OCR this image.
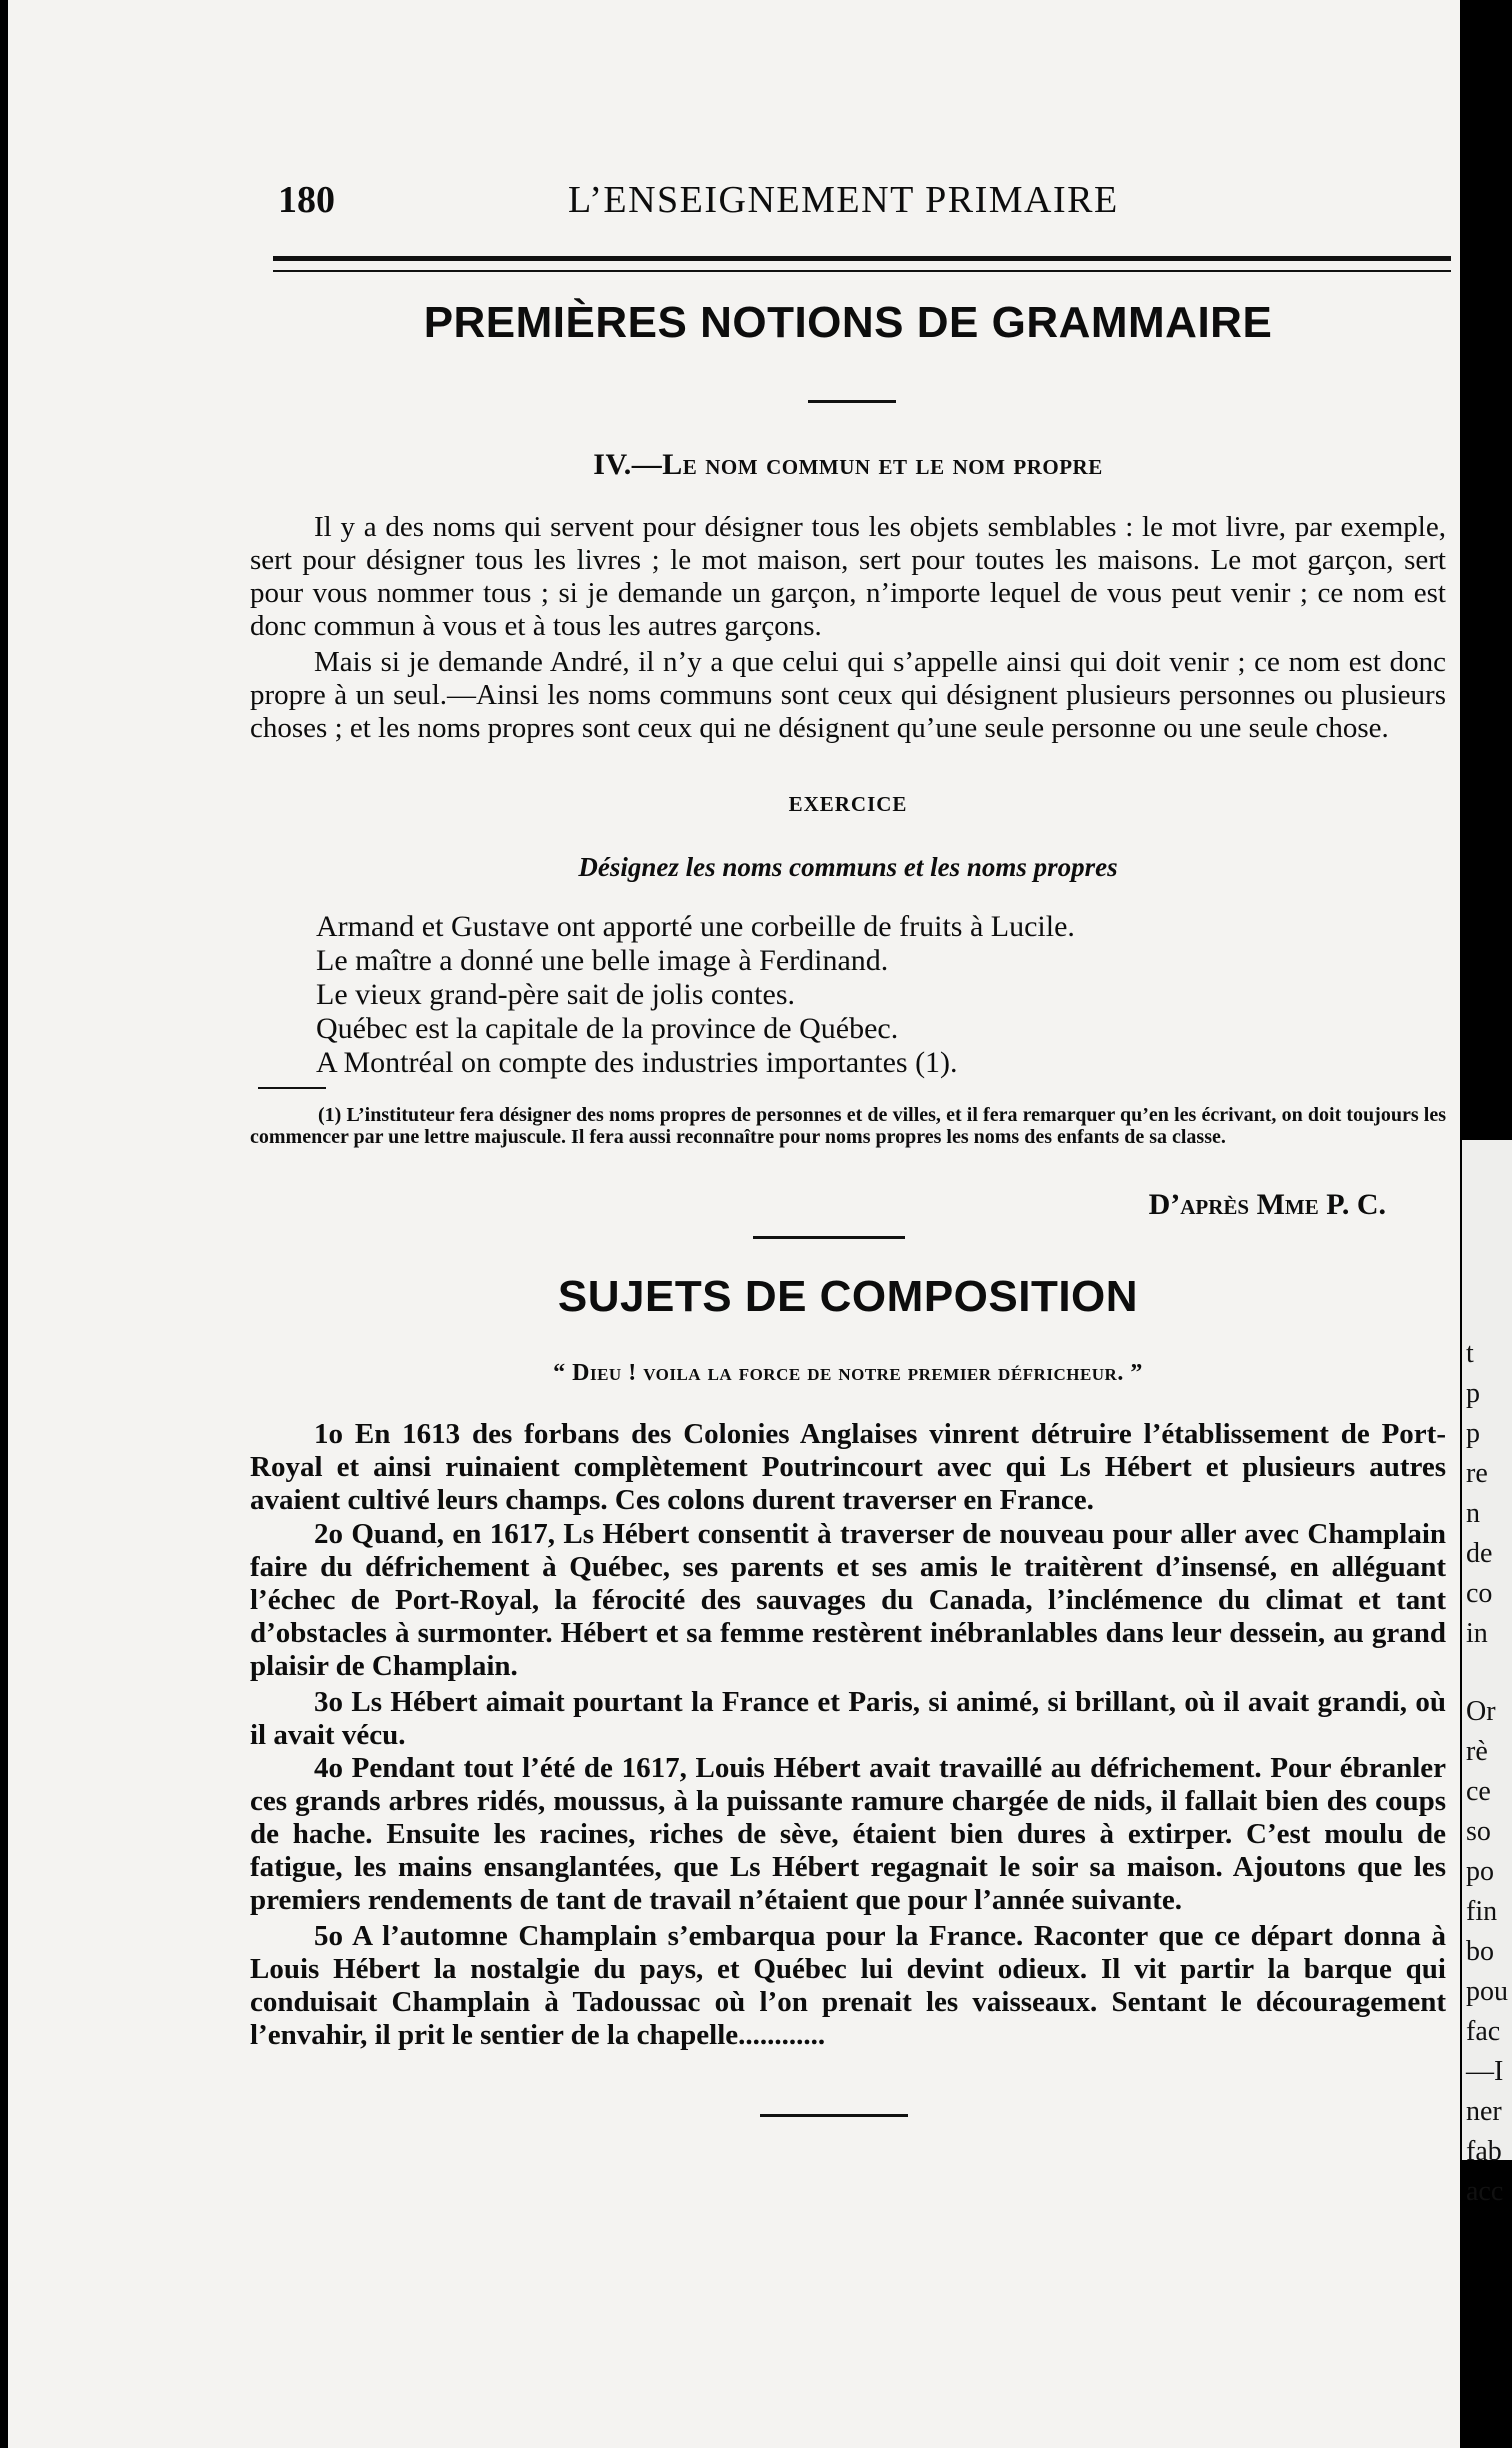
180	L’ENSEIGNEMENT PRIMAIRE
PREMIÈRES NOTIONS DE GRAMMAIRE
IV.—Le nom commun et le nom propre
Il y a des noms qui servent pour désigner tous les objets semblables : le mot livre, par exemple, sert pour désigner tous les livres ; le mot maison, sert pour toutes les maisons. Le mot garçon, sert pour vous nommer tous ; si je demande un garçon, n’importe lequel de vous peut venir ; ce nom est donc commun à vous et à tous les autres garçons.
Mais si je demande André, il n’y a que celui qui s’appelle ainsi qui doit venir ; ce nom est donc propre à un seul.—Ainsi les noms communs sont ceux qui désignent plusieurs personnes ou plusieurs choses ; et les noms propres sont ceux qui ne désignent qu’une seule personne ou une seule chose.
EXERCICE
Désignez les noms communs et les noms propres
Armand et Gustave ont apporté une corbeille de fruits à Lucile.
Le maître a donné une belle image à Ferdinand.
Le vieux grand-père sait de jolis contes.
Québec est la capitale de la province de Québec.
A Montréal on compte des industries importantes (1).
(1) L’instituteur fera désigner des noms propres de personnes et de villes, et il fera remarquer qu’en les écrivant, on doit toujours les commencer par une lettre majuscule. Il fera aussi reconnaître pour noms propres les noms des enfants de sa classe.
D’après Mme P. C.
SUJETS DE COMPOSITION
“ Dieu ! voila la force de notre premier défricheur. ”
1o En 1613 des forbans des Colonies Anglaises vinrent détruire l’établissement de Port-Royal et ainsi ruinaient complètement Poutrincourt avec qui Ls Hébert et plusieurs autres avaient cultivé leurs champs. Ces colons durent traverser en France.
2o Quand, en 1617, Ls Hébert consentit à traverser de nouveau pour aller avec Champlain faire du défrichement à Québec, ses parents et ses amis le traitèrent d’insensé, en alléguant l’échec de Port-Royal, la férocité des sauvages du Canada, l’inclémence du climat et tant d’obstacles à surmonter. Hébert et sa femme restèrent inébranlables dans leur dessein, au grand plaisir de Champlain.
3o Ls Hébert aimait pourtant la France et Paris, si animé, si brillant, où il avait grandi, où il avait vécu.
4o Pendant tout l’été de 1617, Louis Hébert avait travaillé au défrichement. Pour ébranler ces grands arbres ridés, moussus, à la puissante ramure chargée de nids, il fallait bien des coups de hache. Ensuite les racines, riches de sève, étaient bien dures à extirper. C’est moulu de fatigue, les mains ensanglantées, que Ls Hébert regagnait le soir sa maison. Ajoutons que les premiers rendements de tant de travail n’étaient que pour l’année suivante.
5o A l’automne Champlain s’embarqua pour la France. Raconter que ce départ donna à Louis Hébert la nostalgie du pays, et Québec lui devint odieux. Il vit partir la barque qui conduisait Champlain à Tadoussac où l’on prenait les vaisseaux. Sentant le découragement l’envahir, il prit le sentier de la chapelle............
t
p
p
re
n
de
co
in
Or
rè
ce
so
po
fin
bo
pou
fac
—I
ner
fab
acc
